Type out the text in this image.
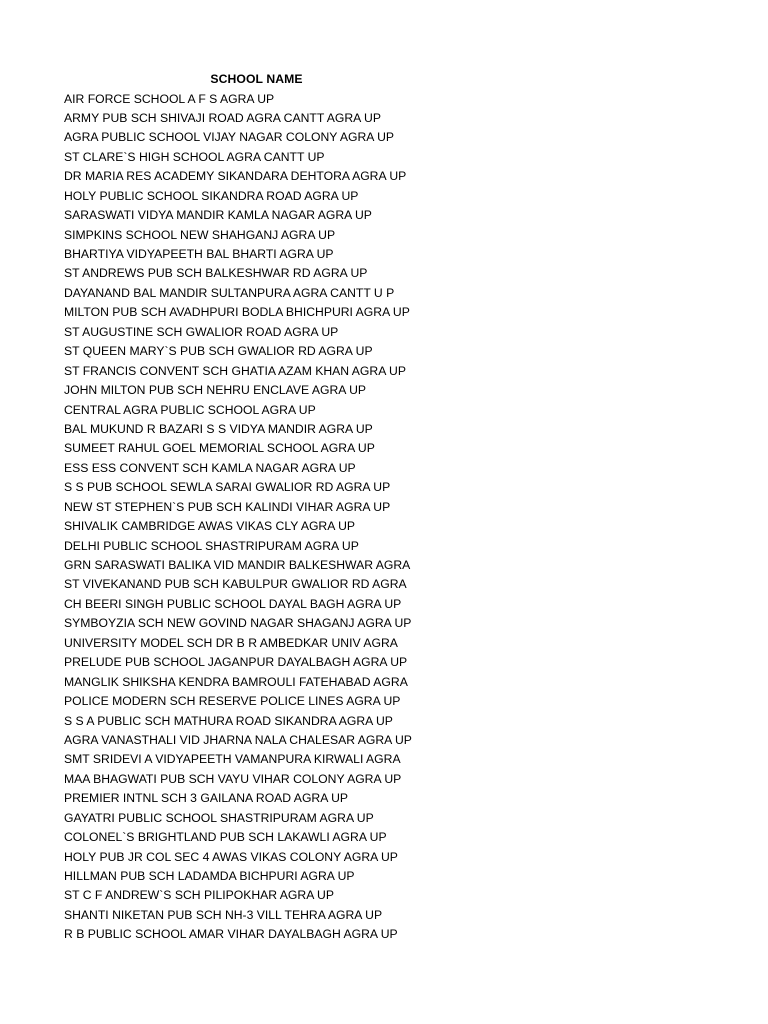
SCHOOL NAME
AIR FORCE SCHOOL A F S AGRA UP
ARMY PUB SCH SHIVAJI ROAD AGRA CANTT AGRA UP
AGRA PUBLIC SCHOOL VIJAY NAGAR COLONY AGRA UP
ST CLARE`S HIGH SCHOOL AGRA CANTT UP
DR MARIA RES ACADEMY SIKANDARA DEHTORA AGRA UP
HOLY PUBLIC SCHOOL SIKANDRA ROAD AGRA UP
SARASWATI VIDYA MANDIR KAMLA NAGAR AGRA UP
SIMPKINS SCHOOL NEW SHAHGANJ AGRA UP
BHARTIYA VIDYAPEETH BAL BHARTI AGRA UP
ST ANDREWS PUB SCH BALKESHWAR RD AGRA UP
DAYANAND BAL MANDIR SULTANPURA AGRA CANTT U P
MILTON PUB SCH AVADHPURI BODLA BHICHPURI AGRA UP
ST AUGUSTINE SCH GWALIOR ROAD AGRA UP
ST QUEEN MARY`S PUB SCH GWALIOR RD AGRA UP
ST FRANCIS CONVENT SCH GHATIA AZAM KHAN AGRA UP
JOHN MILTON PUB SCH NEHRU ENCLAVE AGRA UP
CENTRAL AGRA PUBLIC SCHOOL AGRA UP
BAL MUKUND R BAZARI S S VIDYA MANDIR AGRA UP
SUMEET RAHUL GOEL MEMORIAL SCHOOL AGRA UP
ESS ESS CONVENT SCH KAMLA NAGAR AGRA UP
S S PUB SCHOOL SEWLA SARAI GWALIOR RD AGRA UP
NEW ST STEPHEN`S PUB SCH KALINDI VIHAR AGRA UP
SHIVALIK CAMBRIDGE AWAS VIKAS CLY AGRA UP
DELHI PUBLIC SCHOOL SHASTRIPURAM AGRA UP
GRN SARASWATI BALIKA VID MANDIR BALKESHWAR AGRA
ST VIVEKANAND PUB SCH KABULPUR GWALIOR RD AGRA
CH BEERI SINGH PUBLIC SCHOOL DAYAL BAGH AGRA UP
SYMBOYZIA SCH NEW GOVIND NAGAR SHAGANJ AGRA UP
UNIVERSITY MODEL SCH DR B R AMBEDKAR UNIV AGRA
PRELUDE PUB SCHOOL JAGANPUR DAYALBAGH AGRA UP
MANGLIK SHIKSHA KENDRA BAMROULI FATEHABAD AGRA
POLICE MODERN SCH RESERVE POLICE LINES AGRA UP
S S A PUBLIC SCH MATHURA ROAD SIKANDRA AGRA UP
AGRA VANASTHALI VID JHARNA NALA CHALESAR AGRA UP
SMT SRIDEVI A VIDYAPEETH VAMANPURA KIRWALI AGRA
MAA BHAGWATI PUB SCH VAYU VIHAR COLONY AGRA UP
PREMIER INTNL SCH 3 GAILANA ROAD AGRA UP
GAYATRI PUBLIC SCHOOL SHASTRIPURAM AGRA UP
COLONEL`S BRIGHTLAND PUB SCH LAKAWLI AGRA UP
HOLY PUB JR COL SEC 4 AWAS VIKAS COLONY AGRA UP
HILLMAN PUB SCH LADAMDA BICHPURI AGRA UP
ST C F ANDREW`S SCH PILIPOKHAR AGRA UP
SHANTI NIKETAN PUB SCH NH-3 VILL TEHRA AGRA UP
R B PUBLIC SCHOOL AMAR VIHAR DAYALBAGH AGRA UP
